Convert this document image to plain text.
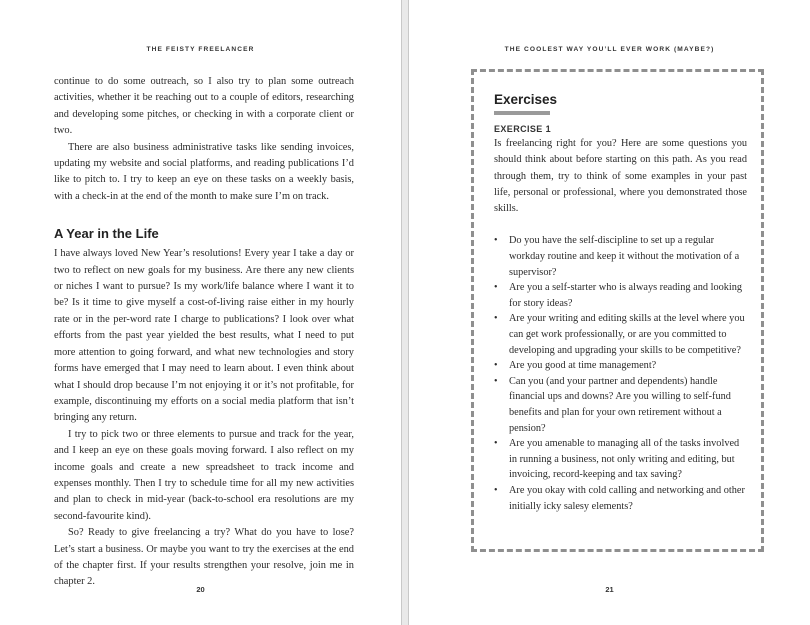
THE FEISTY FREELANCER

continue to do some outreach, so I also try to plan some outreach activities, whether it be reaching out to a couple of editors, researching and developing some pitches, or checking in with a corporate client or two.

There are also business administrative tasks like sending invoices, updating my website and social platforms, and reading publications I’d like to pitch to. I try to keep an eye on these tasks on a weekly basis, with a check-in at the end of the month to make sure I’m on track.

A Year in the Life

I have always loved New Year’s resolutions! Every year I take a day or two to reflect on new goals for my business. Are there any new clients or niches I want to pursue? Is my work/life balance where I want it to be? Is it time to give myself a cost-of-living raise either in my hourly rate or in the per-word rate I charge to publications? I look over what efforts from the past year yielded the best results, what I need to put more attention to going forward, and what new technologies and story forms have emerged that I may need to learn about. I even think about what I should drop because I’m not enjoying it or it’s not profitable, for example, discontinuing my efforts on a social media platform that isn’t bringing any return.

I try to pick two or three elements to pursue and track for the year, and I keep an eye on these goals moving forward. I also reflect on my income goals and create a new spreadsheet to track income and expenses monthly. Then I try to schedule time for all my new activities and plan to check in mid-year (back-to-school era resolutions are my second-favourite kind).

So? Ready to give freelancing a try? What do you have to lose? Let’s start a business. Or maybe you want to try the exercises at the end of the chapter first. If your results strengthen your resolve, join me in chapter 2.

20
THE COOLEST WAY YOU’LL EVER WORK (MAYBE?)
Exercises
EXERCISE 1

Is freelancing right for you? Here are some questions you should think about before starting on this path. As you read through them, try to think of some examples in your past life, personal or professional, where you demonstrated those skills.

• Do you have the self-discipline to set up a regular workday routine and keep it without the motivation of a supervisor?
• Are you a self-starter who is always reading and looking for story ideas?
• Are your writing and editing skills at the level where you can get work professionally, or are you committed to developing and upgrading your skills to be competitive?
• Are you good at time management?
• Can you (and your partner and dependents) handle financial ups and downs? Are you willing to self-fund benefits and plan for your own retirement without a pension?
• Are you amenable to managing all of the tasks involved in running a business, not only writing and editing, but invoicing, record-keeping and tax saving?
• Are you okay with cold calling and networking and other initially icky salesy elements?
21
